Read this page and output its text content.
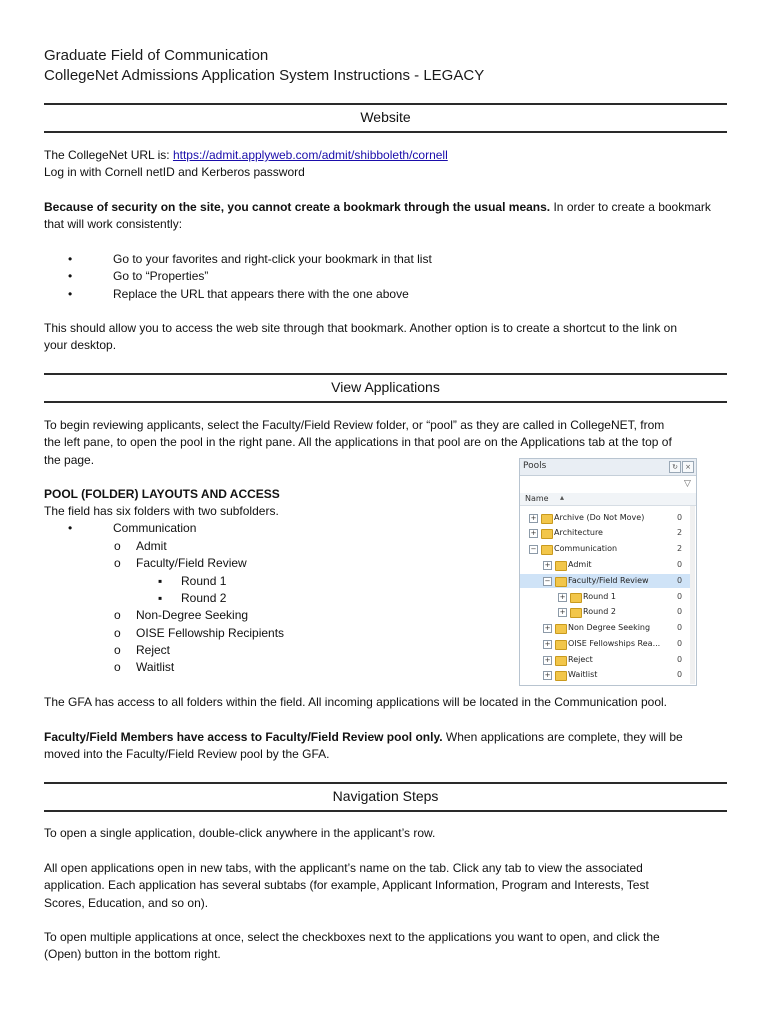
Graduate Field of Communication
CollegeNet Admissions Application System Instructions - LEGACY
Website
The CollegeNet URL is: https://admit.applyweb.com/admit/shibboleth/cornell
Log in with Cornell netID and Kerberos password
Because of security on the site, you cannot create a bookmark through the usual means. In order to create a bookmark
that will work consistently:
•	Go to your favorites and right-click your bookmark in that list
•	Go to “Properties”
•	Replace the URL that appears there with the one above
This should allow you to access the web site through that bookmark. Another option is to create a shortcut to the link on
your desktop.
View Applications
To begin reviewing applicants, select the Faculty/Field Review folder, or “pool” as they are called in CollegeNET, from
the left pane, to open the pool in the right pane. All the applications in that pool are on the Applications tab at the top of
the page.
POOL (FOLDER) LAYOUTS AND ACCESS
The field has six folders with two subfolders.
•	Communication
o Admit
o Faculty/Field Review
▪ Round 1
▪ Round 2
o Non-Degree Seeking
o OISE Fellowship Recipients
o Reject
o Waitlist
Pools	↻	×
▽
Name ▴
+ Archive (Do Not Move)	0
+ Architecture	2
− Communication	2
+ Admit	0
− Faculty/Field Review	0
+ Round 1	0
+ Round 2	0
+ Non Degree Seeking	0
+ OISE Fellowships Rea... 0
+ Reject	0
+ Waitlist	0
The GFA has access to all folders within the field. All incoming applications will be located in the Communication pool.
Faculty/Field Members have access to Faculty/Field Review pool only. When applications are complete, they will be
moved into the Faculty/Field Review pool by the GFA.
Navigation Steps
To open a single application, double-click anywhere in the applicant’s row.
All open applications open in new tabs, with the applicant’s name on the tab. Click any tab to view the associated
application. Each application has several subtabs (for example, Applicant Information, Program and Interests, Test
Scores, Education, and so on).
To open multiple applications at once, select the checkboxes next to the applications you want to open, and click the
(Open) button in the bottom right.
